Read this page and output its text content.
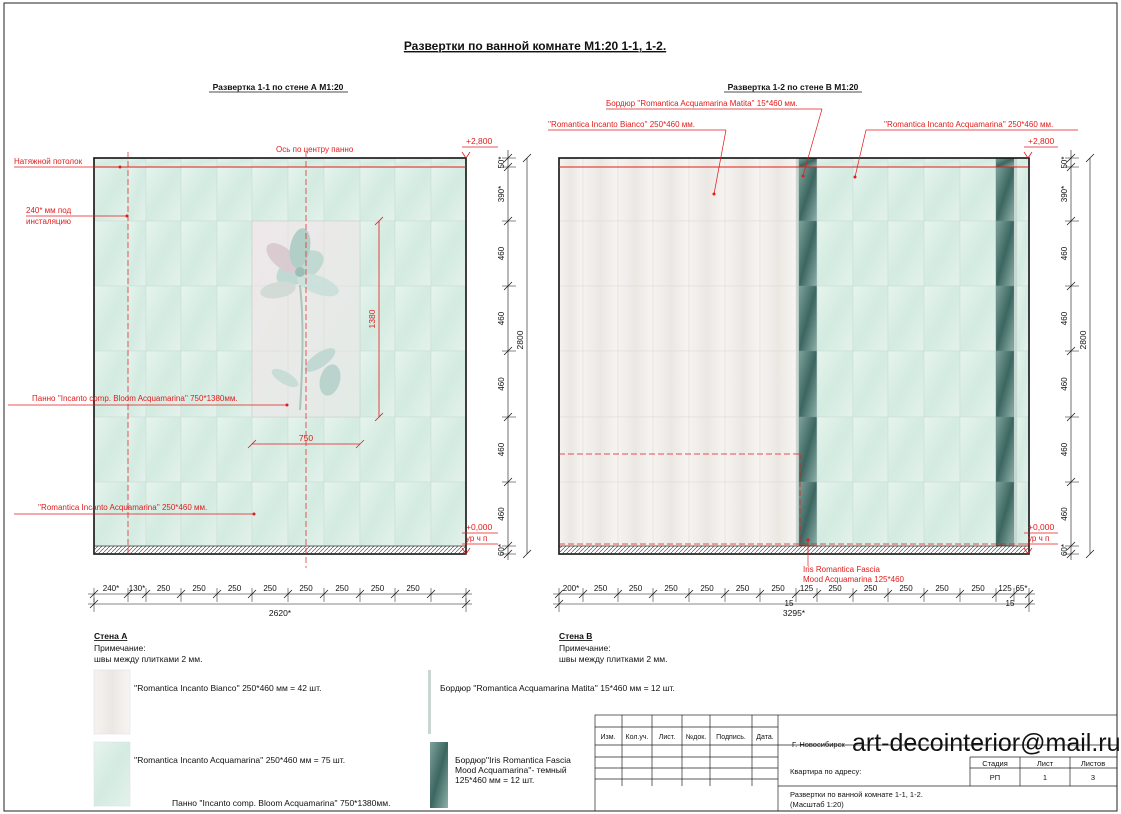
Развертки по ванной комнате М1:20 1-1, 1-2.
Развертка 1-1 по стене А М1:20
Натяжной потолок
240* мм под
инсталяцию
Ось по центру панно
Панно ''Incanto comp. Bloom Acquamarina'' 750*1380мм.
''Romantica Incanto Acquamarina'' 250*460 мм.
1380
750
+2,800
+0,000
ур ч п
50*
390*
460
460
460
460
460
60*
2800
240* 130* 250	250	250	250	250	250	250	250
2620*
Стена А
Примечание:
швы между плитками 2 мм.
Развертка 1-2 по стене В М1:20
Бордюр ''Romantica Acquamarina Matita'' 15*460 мм.
''Romantica Incanto Bianco'' 250*460 мм.	''Romantica Incanto Acquamarina'' 250*460 мм.
Iris Romantica Fascia
Mood Acquamarina 125*460
+2,800
+0,000
ур ч п
50*
390*
460
460
460
460
460
60*
2800
200* 250	250	250	250	250	250 125 250	250	250	250	250 125 65*
3295*
15	15
Стена В
Примечание:
швы между плитками 2 мм.
''Romantica Incanto Bianco'' 250*460 мм = 42 шт.
''Romantica Incanto Acquamarina'' 250*460 мм = 75 шт.
Панно ''Incanto comp. Bloom Acquamarina'' 750*1380мм.
Бордюр ''Romantica Acquamarina Matita'' 15*460 мм = 12 шт.
Бордюр''Iris Romantica Fascia
Mood Acquamarina''- темный
125*460 мм = 12 шт.
Изм. Кол.уч. Лист. №док. Подпись. Дата.
Г. Новосибирск art-decointerior@mail.ru
Квартира по адресу:
Стадия	Лист	Листов
РП	1	3
Развертки по ванной комнате 1-1, 1-2.
(Масштаб 1:20)
